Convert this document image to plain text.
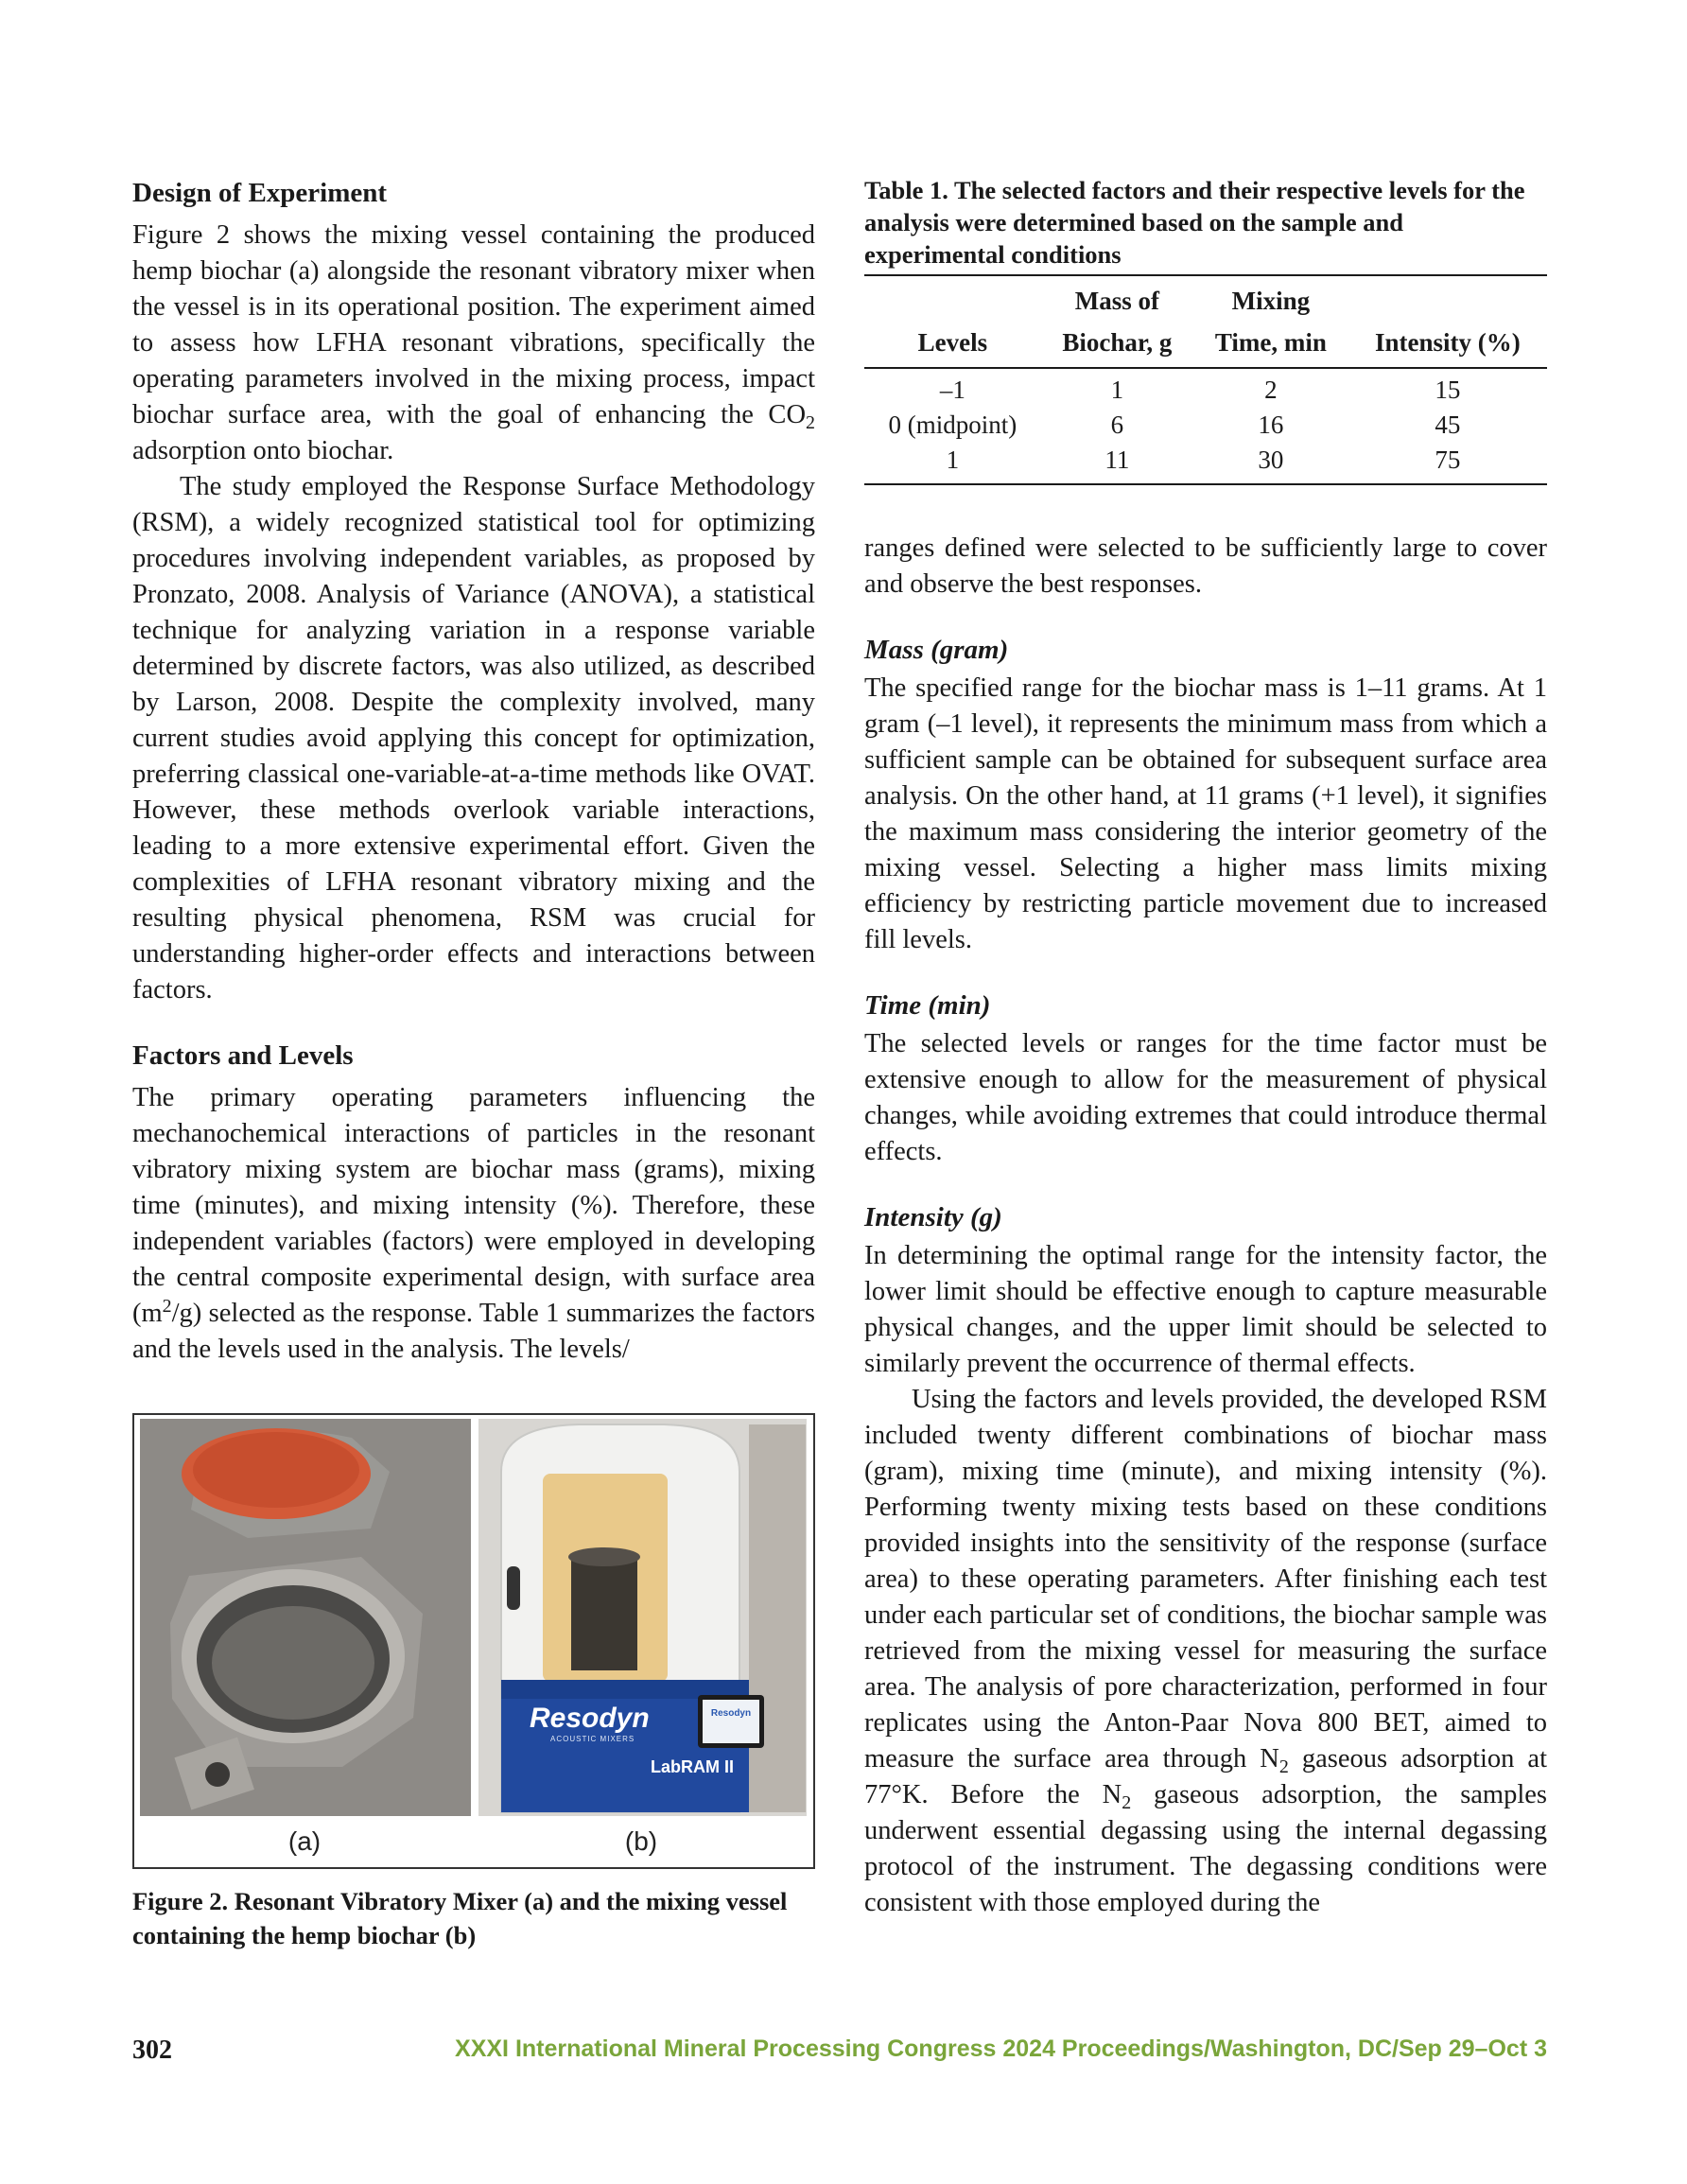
Design of Experiment

Figure 2 shows the mixing vessel containing the produced hemp biochar (a) alongside the resonant vibratory mixer when the vessel is in its operational position. The experiment aimed to assess how LFHA resonant vibrations, specifically the operating parameters involved in the mixing process, impact biochar surface area, with the goal of enhancing the $CO_2$ adsorption onto biochar.

The study employed the Response Surface Methodology (RSM), a widely recognized statistical tool for optimizing procedures involving independent variables, as proposed by Pronzato, 2008. Analysis of Variance (ANOVA), a statistical technique for analyzing variation in a response variable determined by discrete factors, was also utilized, as described by Larson, 2008. Despite the complexity involved, many current studies avoid applying this concept for optimization, preferring classical one-variable-at-a-time methods like OVAT. However, these methods overlook variable interactions, leading to a more extensive experimental effort. Given the complexities of LFHA resonant vibratory mixing and the resulting physical phenomena, RSM was crucial for understanding higher-order effects and interactions between factors.

Factors and Levels

The primary operating parameters influencing the mechanochemical interactions of particles in the resonant vibratory mixing system are biochar mass (grams), mixing time (minutes), and mixing intensity (%). Therefore, these independent variables (factors) were employed in developing the central composite experimental design, with surface area $(m^2/g)$ selected as the response. Table 1 summarizes the factors and the levels used in the analysis. The levels/

Resodyn
Resodyn
ACOUSTIC MIXERS
LabRAM II
(a)	(b)

Figure 2. Resonant Vibratory Mixer (a) and the mixing vessel containing the hemp biochar (b)

Table 1. The selected factors and their respective levels for the analysis were determined based on the sample and experimental conditions

	Mass of	Mixing	
Levels	Biochar, g	Time, min	Intensity (%)
–1	1	2	15
0 (midpoint)	6	16	45
1	11	30	75

ranges defined were selected to be sufficiently large to cover and observe the best responses.

Mass (gram)

The specified range for the biochar mass is 1–11 grams. At 1 gram (–1 level), it represents the minimum mass from which a sufficient sample can be obtained for subsequent surface area analysis. On the other hand, at 11 grams (+1 level), it signifies the maximum mass considering the interior geometry of the mixing vessel. Selecting a higher mass limits mixing efficiency by restricting particle movement due to increased fill levels.

Time (min)

The selected levels or ranges for the time factor must be extensive enough to allow for the measurement of physical changes, while avoiding extremes that could introduce thermal effects.

Intensity (g)

In determining the optimal range for the intensity factor, the lower limit should be effective enough to capture measurable physical changes, and the upper limit should be selected to similarly prevent the occurrence of thermal effects.

Using the factors and levels provided, the developed RSM included twenty different combinations of biochar mass (gram), mixing time (minute), and mixing intensity (%). Performing twenty mixing tests based on these conditions provided insights into the sensitivity of the response (surface area) to these operating parameters. After finishing each test under each particular set of conditions, the biochar sample was retrieved from the mixing vessel for measuring the surface area. The analysis of pore characterization, performed in four replicates using the Anton-Paar Nova 800 BET, aimed to measure the surface area through $N_2$ gaseous adsorption at 77°K. Before the $N_2$ gaseous adsorption, the samples underwent essential degassing using the internal degassing protocol of the instrument. The degassing conditions were consistent with those employed during the

302	XXXI International Mineral Processing Congress 2024 Proceedings/Washington, DC/Sep 29–Oct 3
